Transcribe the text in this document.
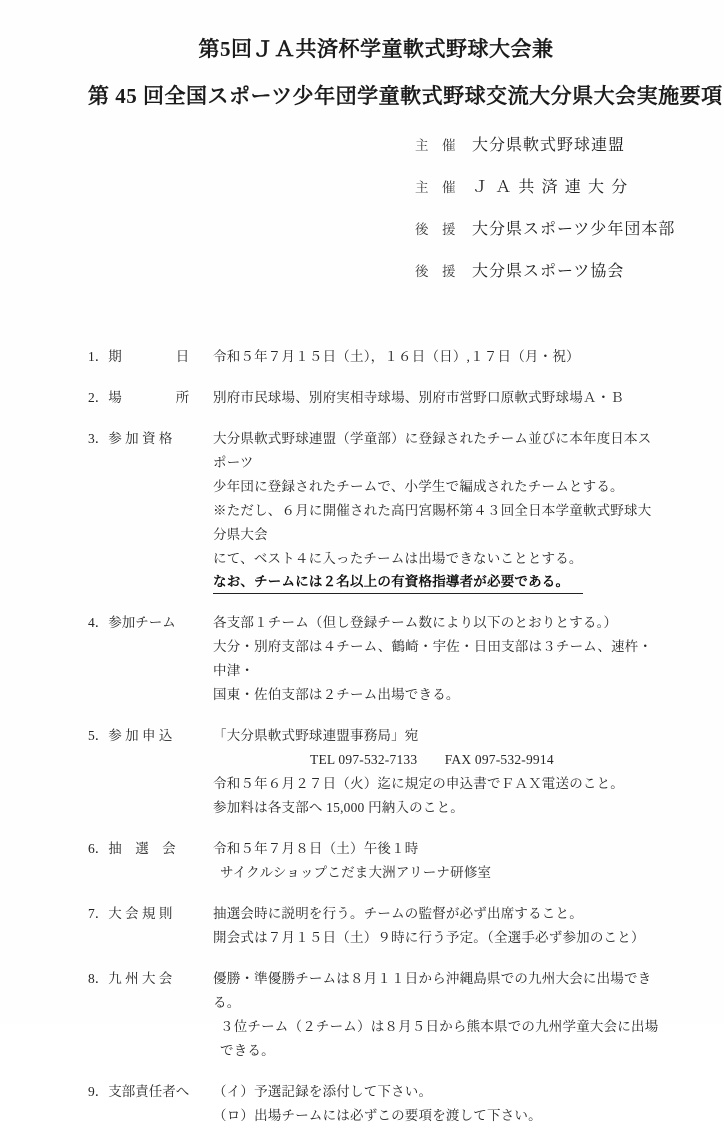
第5回ＪＡ共済杯学童軟式野球大会兼
第 45 回全国スポーツ少年団学童軟式野球交流大分県大会実施要項
主　催	大分県軟式野球連盟
主　催	ＪＡ共済連大分
後　援	大分県スポーツ少年団本部
後　援	大分県スポーツ協会
1．期　　　　日	令和５年７月１５日（土），１６日（日）,１７日（月・祝）
2．場　　　　所	別府市民球場、別府実相寺球場、別府市営野口原軟式野球場Ａ・Ｂ
3．参 加 資 格	大分県軟式野球連盟（学童部）に登録されたチーム並びに本年度日本スポーツ
少年団に登録されたチームで、小学生で編成されたチームとする。
※ただし、６月に開催された高円宮賜杯第４３回全日本学童軟式野球大分県大会
にて、ベスト４に入ったチームは出場できないこととする。
なお、チームには２名以上の有資格指導者が必要である。
4．参加チーム	各支部１チーム（但し登録チーム数により以下のとおりとする。）
大分・別府支部は４チーム、鶴崎・宇佐・日田支部は３チーム、速杵・中津・
国東・佐伯支部は２チーム出場できる。
5．参 加 申 込	「大分県軟式野球連盟事務局」宛
TEL 097-532-7133　　FAX 097-532-9914
令和５年６月２７日（火）迄に規定の申込書でＦＡＸ電送のこと。
参加料は各支部へ 15,000 円納入のこと。
6．抽　選　会	令和５年７月８日（土）午後１時
サイクルショップこだま大洲アリーナ研修室
7．大 会 規 則	抽選会時に説明を行う。チームの監督が必ず出席すること。
開会式は７月１５日（土）９時に行う予定。（全選手必ず参加のこと）
8．九 州 大 会	優勝・準優勝チームは８月１１日から沖縄島県での九州大会に出場できる。
３位チーム（２チーム）は８月５日から熊本県での九州学童大会に出場できる。
9．支部責任者へ	（イ）予選記録を添付して下さい。
（ロ）出場チームには必ずこの要項を渡して下さい。
